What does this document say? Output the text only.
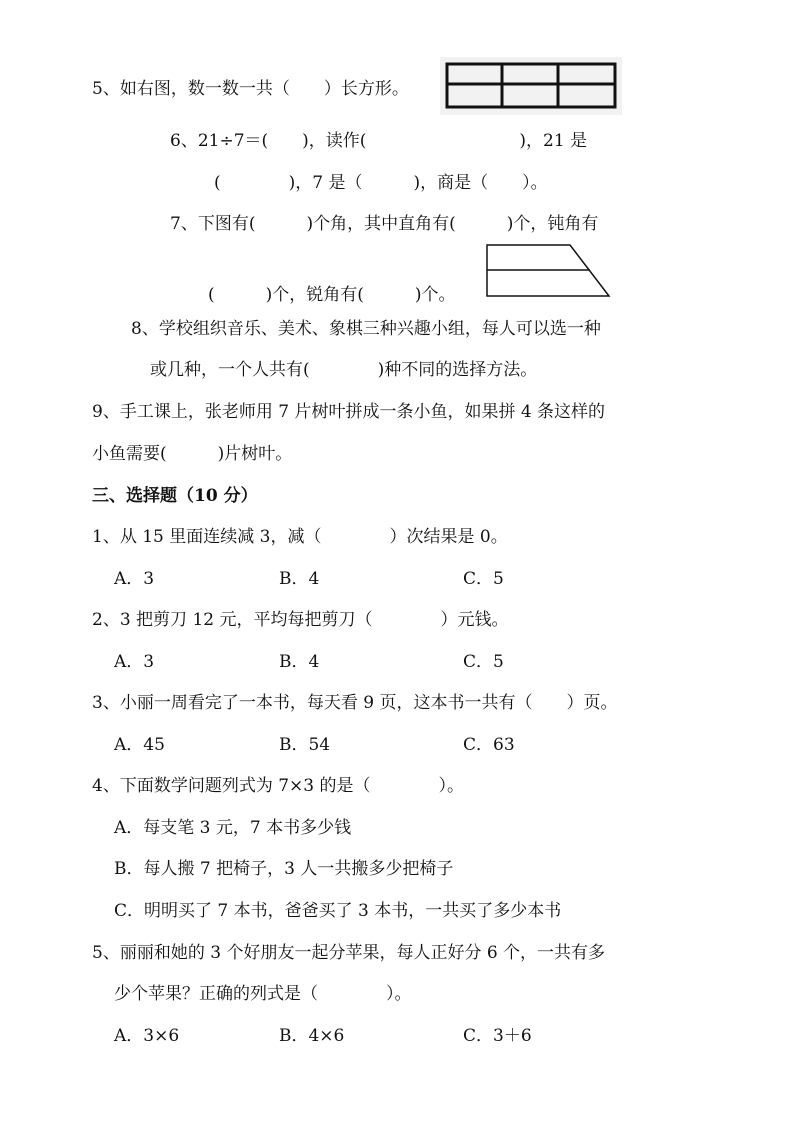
5、如右图，数一数一共（　　）长方形。
6、21÷7＝(　　)，读作(　　　　　　　　　)，21 是
(　　　　)，7 是（　　　)，商是（　　）。
7、下图有(　　　)个角，其中直角有(　　　)个，钝角有
(　　　)个，锐角有(　　　)个。
8、学校组织音乐、美术、象棋三种兴趣小组，每人可以选一种
或几种，一个人共有(　　　　)种不同的选择方法。
9、手工课上，张老师用 7 片树叶拼成一条小鱼，如果拼 4 条这样的
小鱼需要(　　　)片树叶。
三、选择题（10 分）
1、从 15 里面连续减 3，减（　　　　）次结果是 0。
A．3	B．4	C．5
2、3 把剪刀 12 元，平均每把剪刀（　　　　）元钱。
A．3	B．4	C．5
3、小丽一周看完了一本书，每天看 9 页，这本书一共有（　　）页。
A．45	B．54	C．63
4、下面数学问题列式为 7×3 的是（　　　　）。
A．每支笔 3 元，7 本书多少钱
B．每人搬 7 把椅子，3 人一共搬多少把椅子
C．明明买了 7 本书，爸爸买了 3 本书，一共买了多少本书
5、丽丽和她的 3 个好朋友一起分苹果，每人正好分 6 个，一共有多
少个苹果？正确的列式是（　　　　）。
A．3×6	B．4×6	C．3＋6
